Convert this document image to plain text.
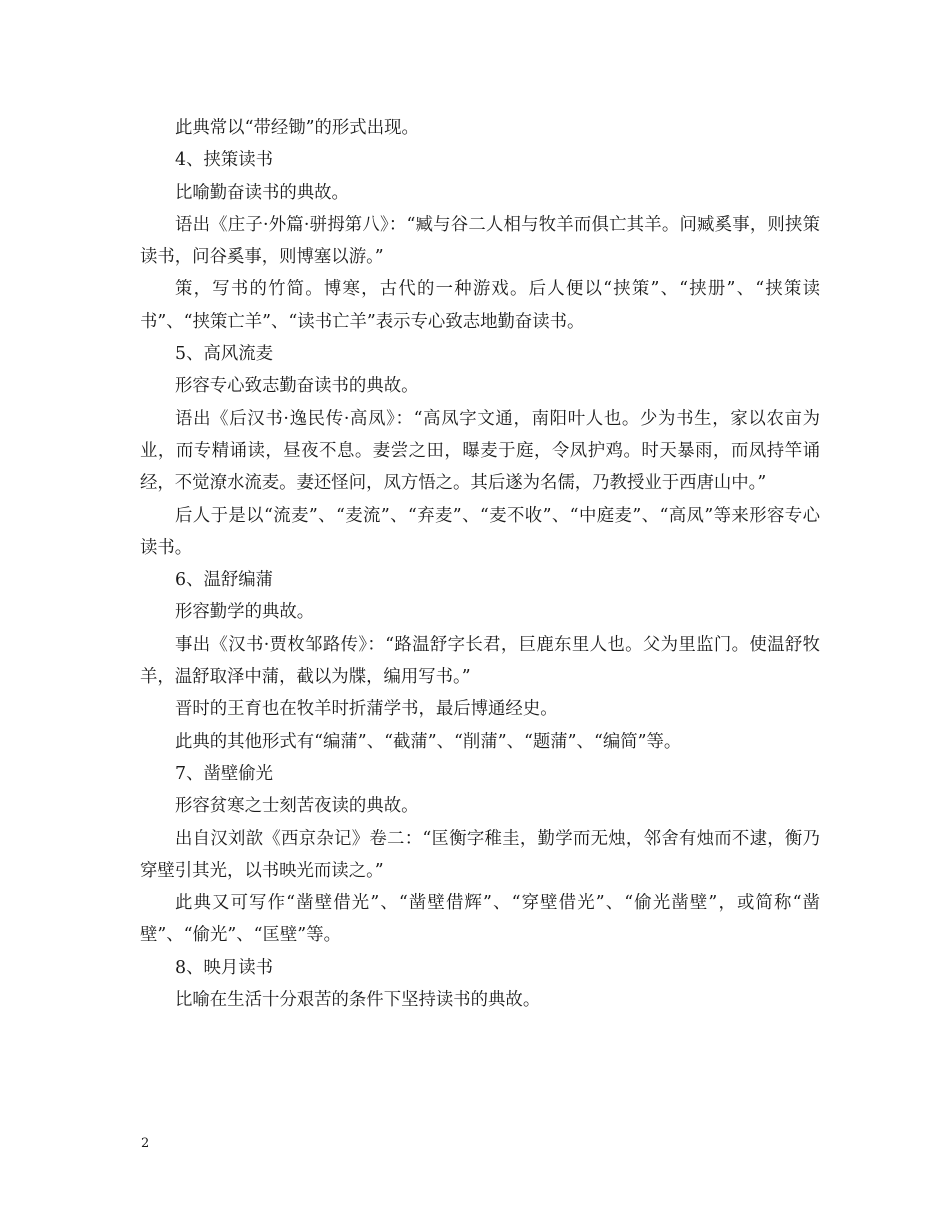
此典常以“带经锄”的形式出现。

4、挟策读书

比喻勤奋读书的典故。

语出《庄子·外篇·骈拇第八》：“臧与谷二人相与牧羊而俱亡其羊。问臧奚事，则挟策读书，问谷奚事，则博塞以游。”

策，写书的竹简。博寒，古代的一种游戏。后人便以“挟策”、“挟册”、“挟策读书”、“挟策亡羊”、“读书亡羊”表示专心致志地勤奋读书。

5、高风流麦

形容专心致志勤奋读书的典故。

语出《后汉书·逸民传·高凤》：“高凤字文通，南阳叶人也。少为书生，家以农亩为业，而专精诵读，昼夜不息。妻尝之田，曝麦于庭，令凤护鸡。时天暴雨，而凤持竿诵经，不觉潦水流麦。妻还怪问，凤方悟之。其后遂为名儒，乃教授业于西唐山中。”

后人于是以“流麦”、“麦流”、“弃麦”、“麦不收”、“中庭麦”、“高凤”等来形容专心读书。

6、温舒编蒲

形容勤学的典故。

事出《汉书·贾枚邹路传》：“路温舒字长君，巨鹿东里人也。父为里监门。使温舒牧羊，温舒取泽中蒲，截以为牒，编用写书。”

晋时的王育也在牧羊时折蒲学书，最后博通经史。

此典的其他形式有“编蒲”、“截蒲”、“削蒲”、“题蒲”、“编简”等。

7、凿壁偷光

形容贫寒之士刻苦夜读的典故。

出自汉刘歆《西京杂记》卷二：“匡衡字稚圭，勤学而无烛，邻舍有烛而不逮，衡乃穿壁引其光，以书映光而读之。”

此典又可写作“凿壁借光”、“凿壁借辉”、“穿壁借光”、“偷光凿壁”，或简称“凿壁”、“偷光”、“匡壁”等。

8、映月读书

比喻在生活十分艰苦的条件下坚持读书的典故。

2
